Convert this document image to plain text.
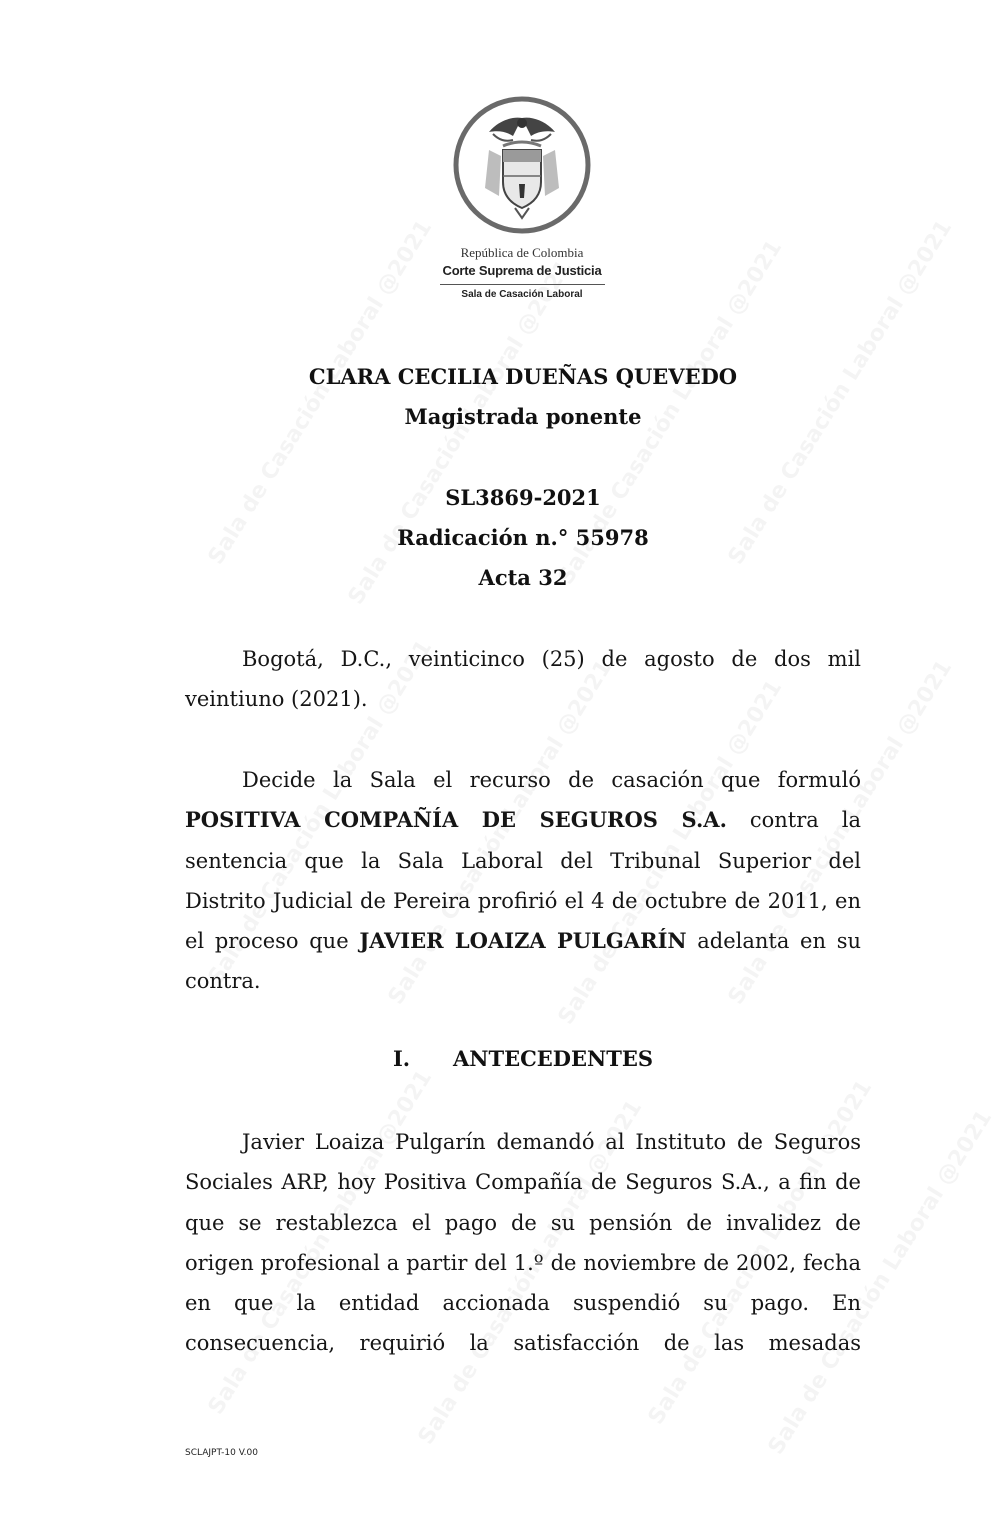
República de Colombia
Corte Suprema de Justicia
Sala de Casación Laboral
CLARA CECILIA DUEÑAS QUEVEDO
Magistrada ponente
SL3869-2021
Radicación n.° 55978
Acta 32
Bogotá, D.C., veinticinco (25) de agosto de dos mil veintiuno (2021).
Decide la Sala el recurso de casación que formuló POSITIVA COMPAÑÍA DE SEGUROS S.A. contra la sentencia que la Sala Laboral del Tribunal Superior del Distrito Judicial de Pereira profirió el 4 de octubre de 2011, en el proceso que JAVIER LOAIZA PULGARÍN adelanta en su contra.
I. ANTECEDENTES
Javier Loaiza Pulgarín demandó al Instituto de Seguros Sociales ARP, hoy Positiva Compañía de Seguros S.A., a fin de que se restablezca el pago de su pensión de invalidez de origen profesional a partir del 1.º de noviembre de 2002, fecha en que la entidad accionada suspendió su pago. En consecuencia, requirió la satisfacción de las mesadas
SCLAJPT-10 V.00
